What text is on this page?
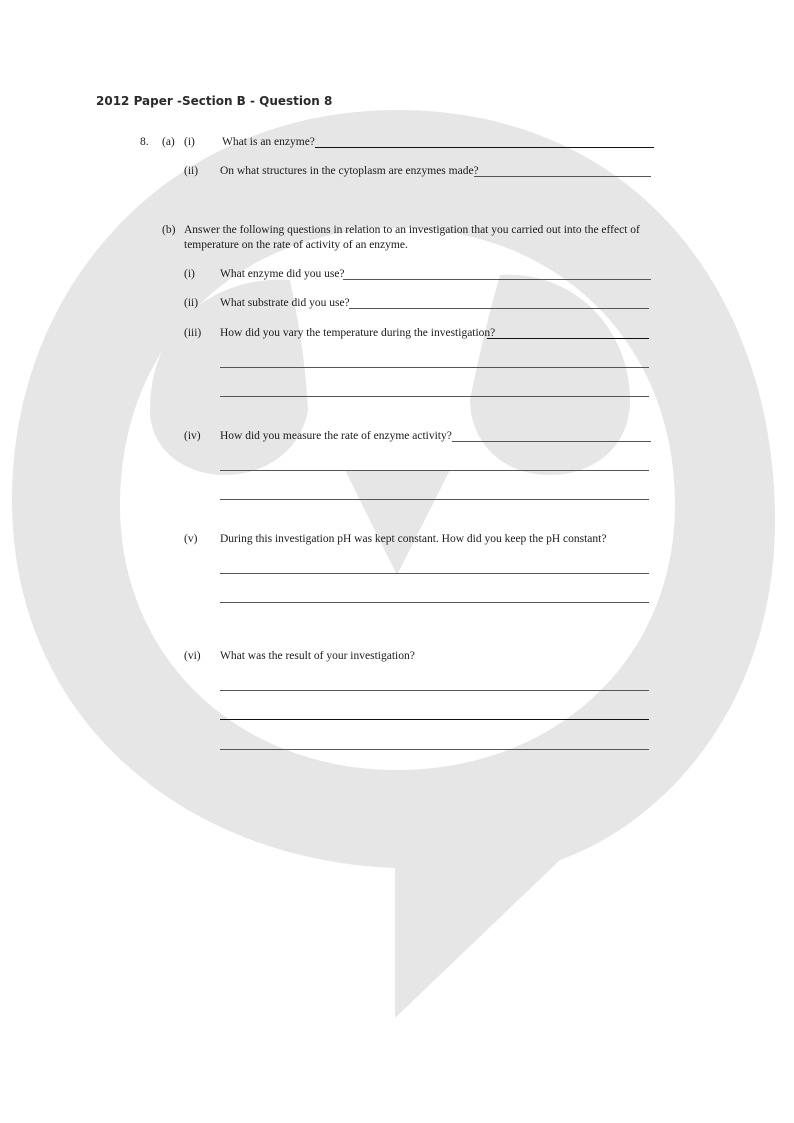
2012 Paper -Section B - Question 8
8. (a) (i) What is an enzyme?
(ii) On what structures in the cytoplasm are enzymes made?
(b) Answer the following questions in relation to an investigation that you carried out into the effect of
temperature on the rate of activity of an enzyme.
(i) What enzyme did you use?
(ii) What substrate did you use?
(iii) How did you vary the temperature during the investigation?
(iv) How did you measure the rate of enzyme activity?
(v) During this investigation pH was kept constant. How did you keep the pH constant?
(vi) What was the result of your investigation?
